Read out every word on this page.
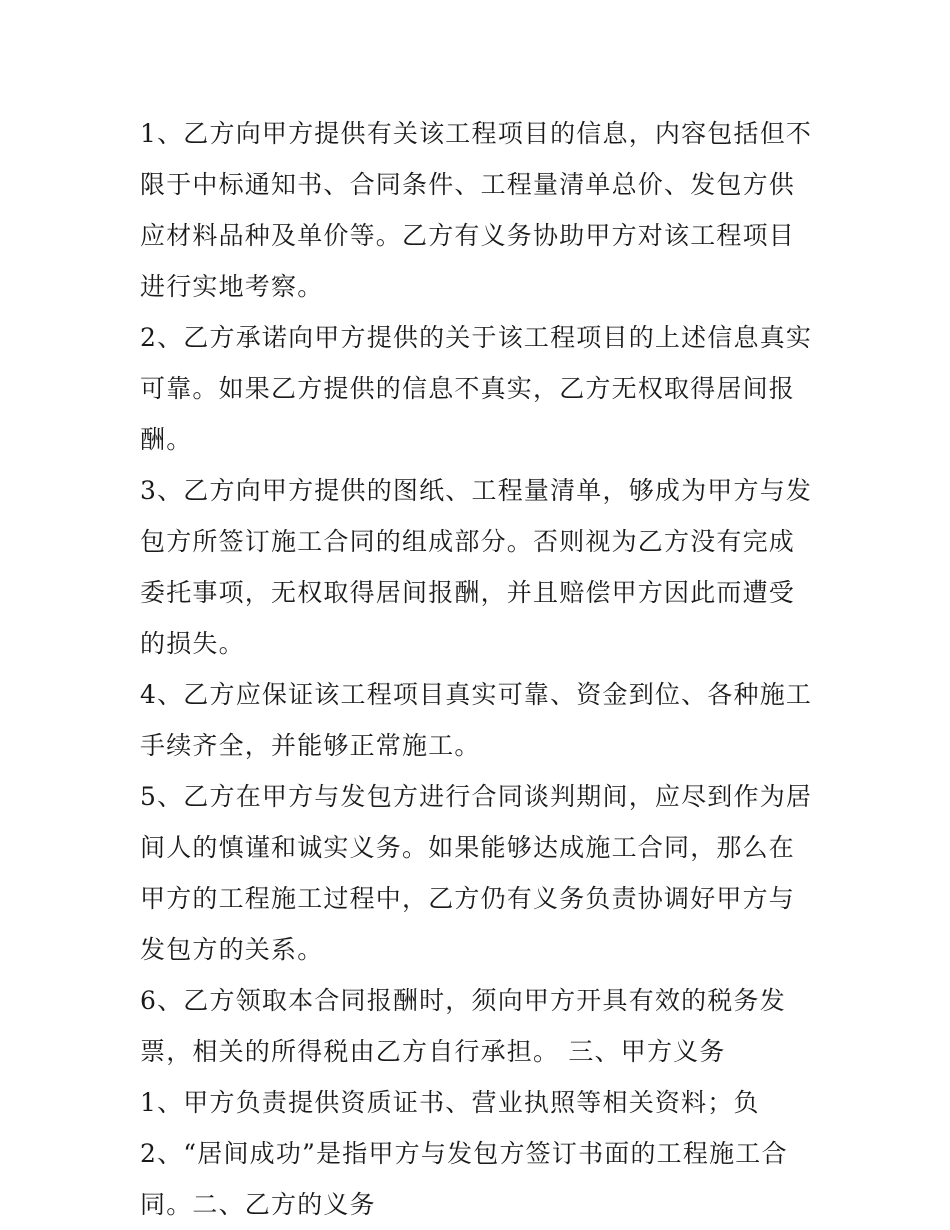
1、乙方向甲方提供有关该工程项目的信息，内容包括但不限于中标通知书、合同条件、工程量清单总价、发包方供应材料品种及单价等。乙方有义务协助甲方对该工程项目进行实地考察。

2、乙方承诺向甲方提供的关于该工程项目的上述信息真实可靠。如果乙方提供的信息不真实，乙方无权取得居间报酬。

3、乙方向甲方提供的图纸、工程量清单，够成为甲方与发包方所签订施工合同的组成部分。否则视为乙方没有完成委托事项，无权取得居间报酬，并且赔偿甲方因此而遭受的损失。

4、乙方应保证该工程项目真实可靠、资金到位、各种施工手续齐全，并能够正常施工。

5、乙方在甲方与发包方进行合同谈判期间，应尽到作为居间人的慎谨和诚实义务。如果能够达成施工合同，那么在甲方的工程施工过程中，乙方仍有义务负责协调好甲方与发包方的关系。

6、乙方领取本合同报酬时，须向甲方开具有效的税务发票，相关的所得税由乙方自行承担。 三、甲方义务

1、甲方负责提供资质证书、营业执照等相关资料；负 2、“居间成功”是指甲方与发包方签订书面的工程施工合同。二、乙方的义务
